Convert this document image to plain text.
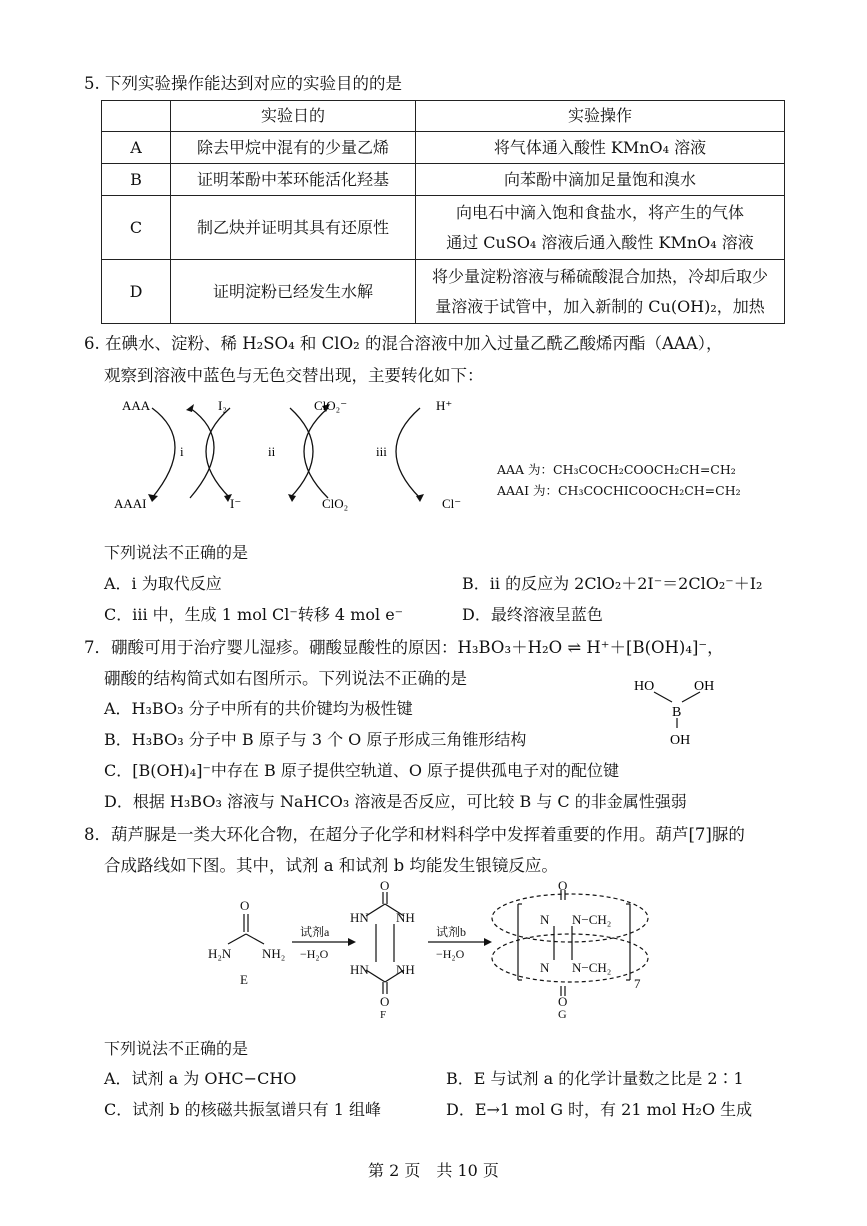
5. 下列实验操作能达到对应的实验目的的是
	实验日的	实验操作
A	除去甲烷中混有的少量乙烯	将气体通入酸性 KMnO₄ 溶液
B	证明苯酚中苯环能活化羟基	向苯酚中滴加足量饱和溴水
C	制乙炔并证明其具有还原性	向电石中滴入饱和食盐水，将产生的气体
通过 CuSO₄ 溶液后通入酸性 KMnO₄ 溶液

D	证明淀粉已经发生水解	将少量淀粉溶液与稀硫酸混合加热，冷却后取少
量溶液于试管中，加入新制的 Cu(OH)₂，加热
6. 在碘水、淀粉、稀 H₂SO₄ 和 ClO₂ 的混合溶液中加入过量乙酰乙酸烯丙酯（AAA），
观察到溶液中蓝色与无色交替出现，主要转化如下：
AAA	I₂	ClO₂⁻	H⁺
i	ii	iii
AAAI	I⁻	ClO₂	Cl⁻
AAA 为：CH₃COCH₂COOCH₂CH=CH₂
AAAI 为：CH₃COCHICOOCH₂CH=CH₂
下列说法不正确的是
A．i 为取代反应	B．ii 的反应为 2ClO₂＋2I⁻＝2ClO₂⁻＋I₂
C．iii 中，生成 1 mol Cl⁻转移 4 mol e⁻	D．最终溶液呈蓝色
7．硼酸可用于治疗婴儿湿疹。硼酸显酸性的原因：H₃BO₃＋H₂O ⇌ H⁺＋[B(OH)₄]⁻，
硼酸的结构简式如右图所示。下列说法不正确的是	HO	OH
B
OH
A．H₃BO₃ 分子中所有的共价键均为极性键
B．H₃BO₃ 分子中 B 原子与 3 个 O 原子形成三角锥形结构
C．[B(OH)₄]⁻中存在 B 原子提供空轨道、O 原子提供孤电子对的配位键
D．根据 H₃BO₃ 溶液与 NaHCO₃ 溶液是否反应，可比较 B 与 C 的非金属性强弱
8．葫芦脲是一类大环化合物，在超分子化学和材料科学中发挥着重要的作用。葫芦[7]脲的
合成路线如下图。其中，试剂 a 和试剂 b 均能发生银镜反应。
O
H₂N NH₂
E
试剂a
−H₂O
O
HN NH
HN NH
O
F
试剂b
−H₂O
O
N N−CH₂
N N−CH₂
O
7
G
下列说法不正确的是
A．试剂 a 为 OHC−CHO	B．E 与试剂 a 的化学计量数之比是 2∶1
C．试剂 b 的核磁共振氢谱只有 1 组峰	D．E→1 mol G 时，有 21 mol H₂O 生成
第 2 页　共 10 页
